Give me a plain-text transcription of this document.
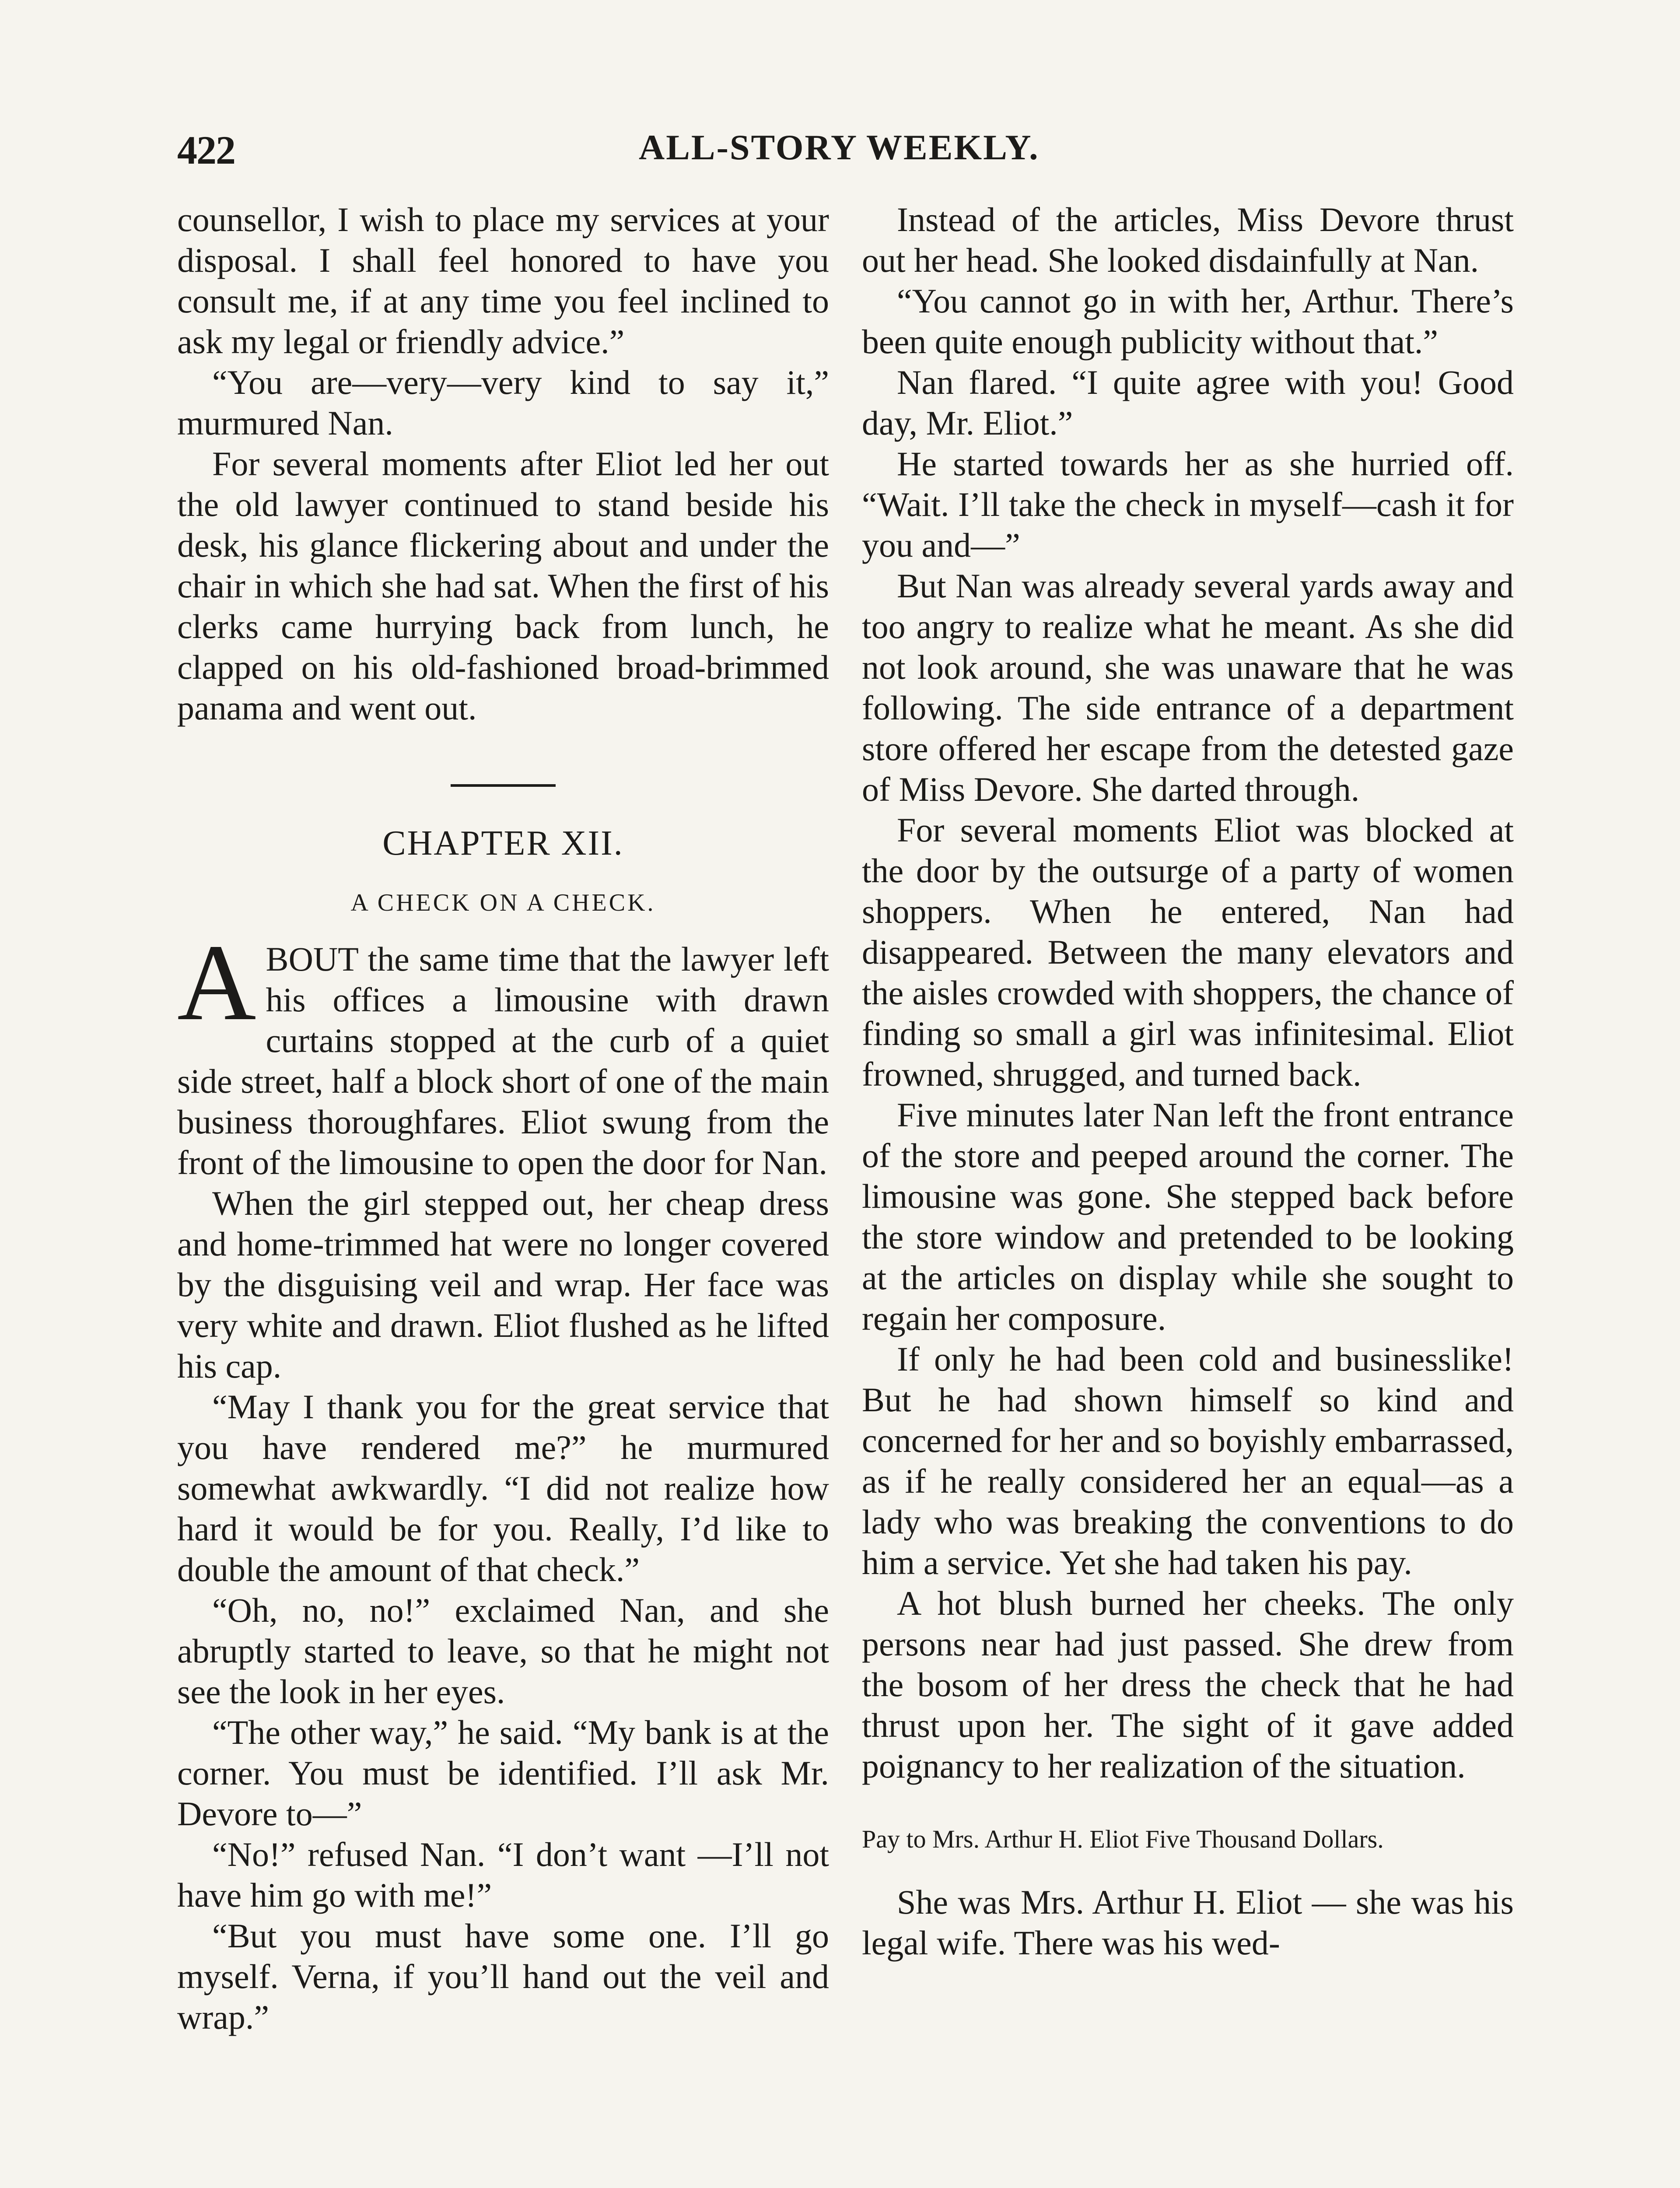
422	ALL-STORY WEEKLY.

counsellor, I wish to place my services at your disposal. I shall feel honored to have you consult me, if at any time you feel inclined to ask my legal or friendly advice.”

“You are—very—very kind to say it,” murmured Nan.

For several moments after Eliot led her out the old lawyer continued to stand beside his desk, his glance flickering about and under the chair in which she had sat. When the first of his clerks came hurrying back from lunch, he clapped on his old-fashioned broad-brimmed panama and went out.

CHAPTER XII.
A CHECK ON A CHECK.
A BOUT the same time that the lawyer left his offices a limousine with drawn curtains stopped at the curb of a quiet side street, half a block short of one of the main business thoroughfares. Eliot swung from the front of the limousine to open the door for Nan.

When the girl stepped out, her cheap dress and home-trimmed hat were no longer covered by the disguising veil and wrap. Her face was very white and drawn. Eliot flushed as he lifted his cap.

“May I thank you for the great service that you have rendered me?” he murmured somewhat awkwardly. “I did not realize how hard it would be for you. Really, I’d like to double the amount of that check.”

“Oh, no, no!” exclaimed Nan, and she abruptly started to leave, so that he might not see the look in her eyes.

“The other way,” he said. “My bank is at the corner. You must be identified. I’ll ask Mr. Devore to—”

“No!” refused Nan. “I don’t want —I’ll not have him go with me!”

“But you must have some one. I’ll go myself. Verna, if you’ll hand out the veil and wrap.”

Instead of the articles, Miss Devore thrust out her head. She looked disdainfully at Nan.

“You cannot go in with her, Arthur. There’s been quite enough publicity without that.”

Nan flared. “I quite agree with you! Good day, Mr. Eliot.”

He started towards her as she hurried off. “Wait. I’ll take the check in myself—cash it for you and—”

But Nan was already several yards away and too angry to realize what he meant. As she did not look around, she was unaware that he was following. The side entrance of a department store offered her escape from the detested gaze of Miss Devore. She darted through.

For several moments Eliot was blocked at the door by the outsurge of a party of women shoppers. When he entered, Nan had disappeared. Between the many elevators and the aisles crowded with shoppers, the chance of finding so small a girl was infinitesimal. Eliot frowned, shrugged, and turned back.

Five minutes later Nan left the front entrance of the store and peeped around the corner. The limousine was gone. She stepped back before the store window and pretended to be looking at the articles on display while she sought to regain her composure.

If only he had been cold and businesslike! But he had shown himself so kind and concerned for her and so boyishly embarrassed, as if he really considered her an equal—as a lady who was breaking the conventions to do him a service. Yet she had taken his pay.

A hot blush burned her cheeks. The only persons near had just passed. She drew from the bosom of her dress the check that he had thrust upon her. The sight of it gave added poignancy to her realization of the situation.

Pay to Mrs. Arthur H. Eliot Five Thousand Dollars.

She was Mrs. Arthur H. Eliot — she was his legal wife. There was his wed-
